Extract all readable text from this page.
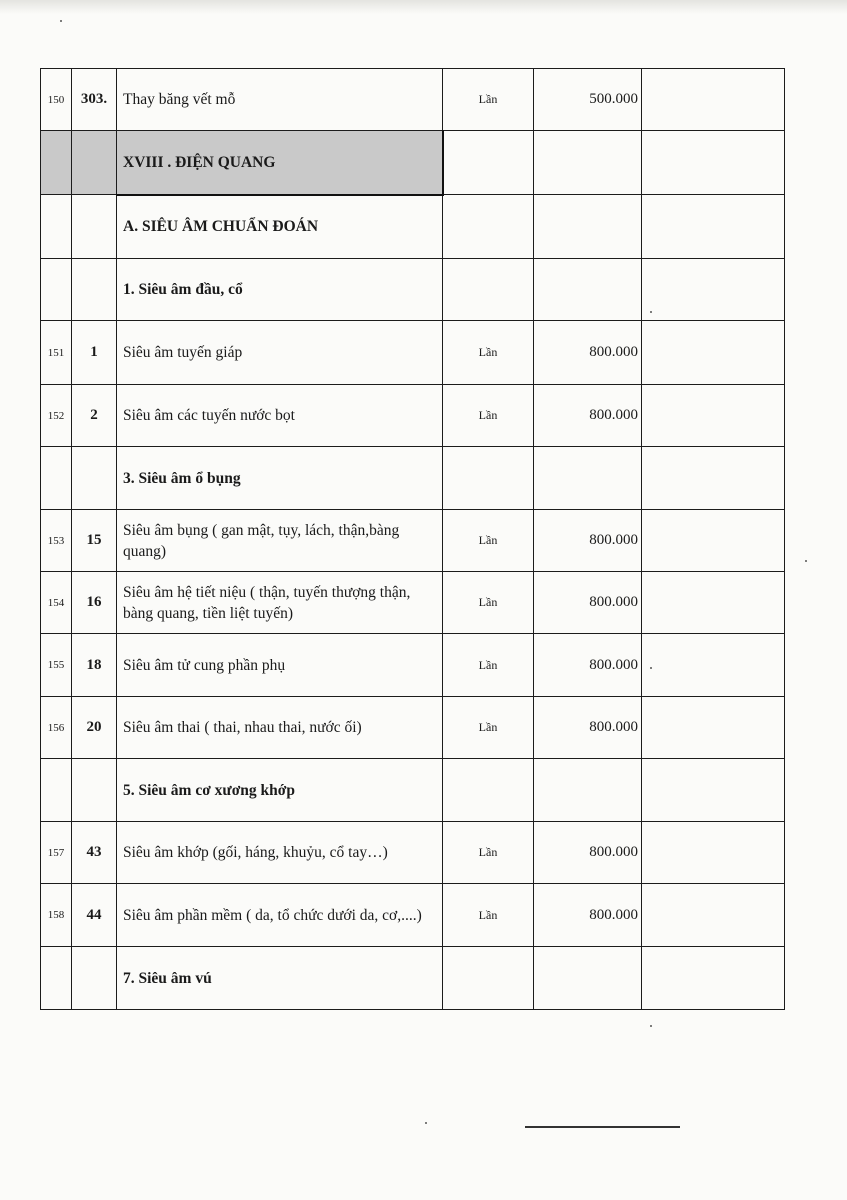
150	303.	Thay băng vết mỗ	Lần	500.000	
		XVIII . ĐIỆN QUANG			
		A. SIÊU ÂM CHUẨN ĐOÁN			
		1. Siêu âm đầu, cổ			
151	1	Siêu âm tuyến giáp	Lần	800.000	
152	2	Siêu âm các tuyến nước bọt	Lần	800.000	
		3. Siêu âm ổ bụng			
153	15	Siêu âm bụng ( gan mật, tụy, lách, thận,bàng quang)	Lần	800.000	
154	16	Siêu âm hệ tiết niệu ( thận, tuyến thượng thận, bàng quang, tiền liệt tuyến)	Lần	800.000	
155	18	Siêu âm tử cung phần phụ	Lần	800.000	
156	20	Siêu âm thai ( thai, nhau thai, nước ối)	Lần	800.000	
		5. Siêu âm cơ xương khớp			
157	43	Siêu âm khớp (gối, háng, khuỷu, cổ tay…)	Lần	800.000	
158	44	Siêu âm phần mềm ( da, tổ chức dưới da, cơ,....)	Lần	800.000	
		7. Siêu âm vú			
